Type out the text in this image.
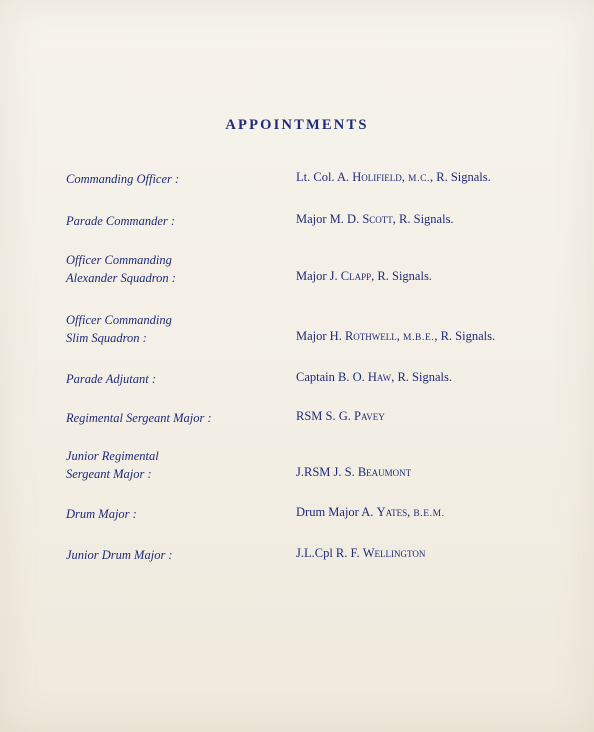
APPOINTMENTS
Commanding Officer :	Lt. Col. A. Holifield, M.C., R. Signals.
Parade Commander :	Major M. D. Scott, R. Signals.
Officer Commanding
Alexander Squadron :	Major J. Clapp, R. Signals.
Officer Commanding
Slim Squadron :	Major H. Rothwell, M.B.E., R. Signals.
Parade Adjutant :	Captain B. O. Haw, R. Signals.
Regimental Sergeant Major :	RSM S. G. Pavey
Junior Regimental
Sergeant Major :	J.RSM J. S. Beaumont
Drum Major :	Drum Major A. Yates, B.E.M.
Junior Drum Major :	J.L.Cpl R. F. Wellington
